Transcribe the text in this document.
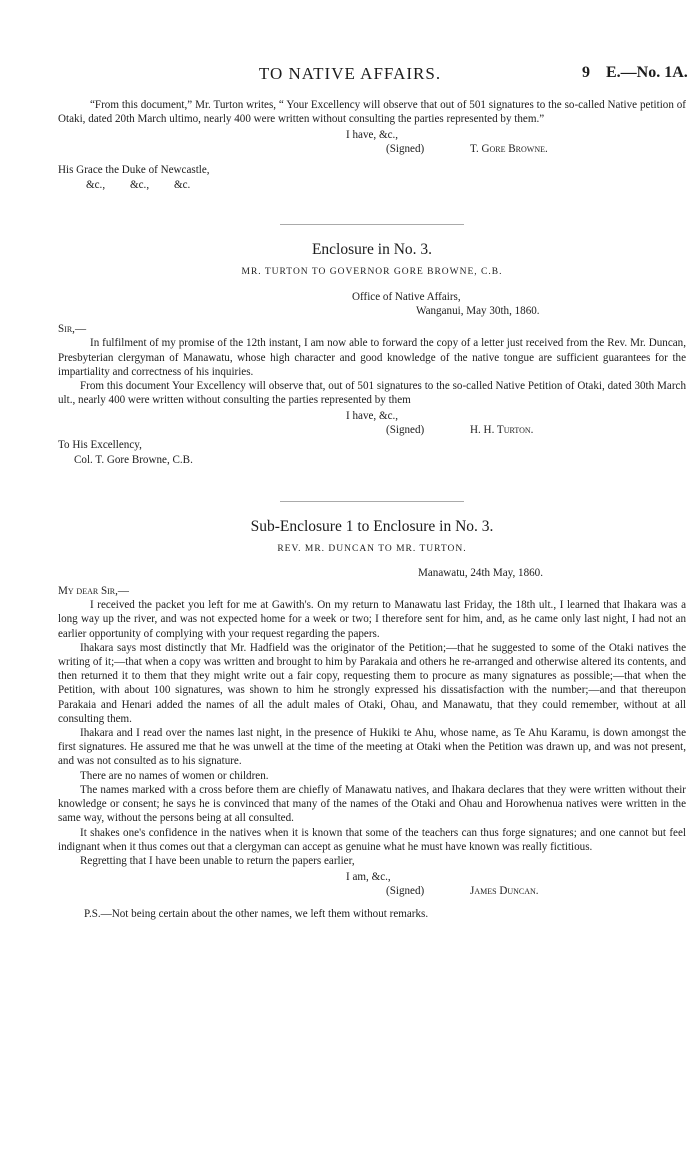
TO NATIVE AFFAIRS.	9 E.—No. 1A.

“From this document,” Mr. Turton writes, “ Your Excellency will observe that out of 501 signatures to the so-called Native petition of Otaki, dated 20th March ultimo, nearly 400 were written without consulting the parties represented by them.”

I have, &c.,
(Signed)	T. Gore Browne.
His Grace the Duke of Newcastle,
&c., &c., &c.
Enclosure in No. 3.
MR. TURTON TO GOVERNOR GORE BROWNE, C.B.
Office of Native Affairs,
Wanganui, May 30th, 1860.
Sir,—

In fulfilment of my promise of the 12th instant, I am now able to forward the copy of a letter just received from the Rev. Mr. Duncan, Presbyterian clergyman of Manawatu, whose high character and good knowledge of the native tongue are sufficient guarantees for the impartiality and correctness of his inquiries.

From this document Your Excellency will observe that, out of 501 signatures to the so-called Native Petition of Otaki, dated 30th March ult., nearly 400 were written without consulting the parties represented by them

I have, &c.,
(Signed)	H. H. Turton.
To His Excellency,
Col. T. Gore Browne, C.B.
Sub-Enclosure 1 to Enclosure in No. 3.
REV. MR. DUNCAN TO MR. TURTON.
Manawatu, 24th May, 1860.
My dear Sir,—

I received the packet you left for me at Gawith's. On my return to Manawatu last Friday, the 18th ult., I learned that Ihakara was a long way up the river, and was not expected home for a week or two; I therefore sent for him, and, as he came only last night, I had not an earlier opportunity of complying with your request regarding the papers.

Ihakara says most distinctly that Mr. Hadfield was the originator of the Petition;—that he suggested to some of the Otaki natives the writing of it;—that when a copy was written and brought to him by Parakaia and others he re-arranged and otherwise altered its contents, and then returned it to them that they might write out a fair copy, requesting them to procure as many signatures as possible;—that when the Petition, with about 100 signatures, was shown to him he strongly expressed his dissatisfaction with the number;—and that thereupon Parakaia and Henari added the names of all the adult males of Otaki, Ohau, and Manawatu, that they could remember, without at all consulting them.

Ihakara and I read over the names last night, in the presence of Hukiki te Ahu, whose name, as Te Ahu Karamu, is down amongst the first signatures. He assured me that he was unwell at the time of the meeting at Otaki when the Petition was drawn up, and was not present, and was not consulted as to his signature.

There are no names of women or children.

The names marked with a cross before them are chiefly of Manawatu natives, and Ihakara declares that they were written without their knowledge or consent; he says he is convinced that many of the names of the Otaki and Ohau and Horowhenua natives were written in the same way, without the persons being at all consulted.

It shakes one's confidence in the natives when it is known that some of the teachers can thus forge signatures; and one cannot but feel indignant when it thus comes out that a clergyman can accept as genuine what he must have known was really fictitious.

Regretting that I have been unable to return the papers earlier,

I am, &c.,
(Signed)	James Duncan.
P.S.—Not being certain about the other names, we left them without remarks.
